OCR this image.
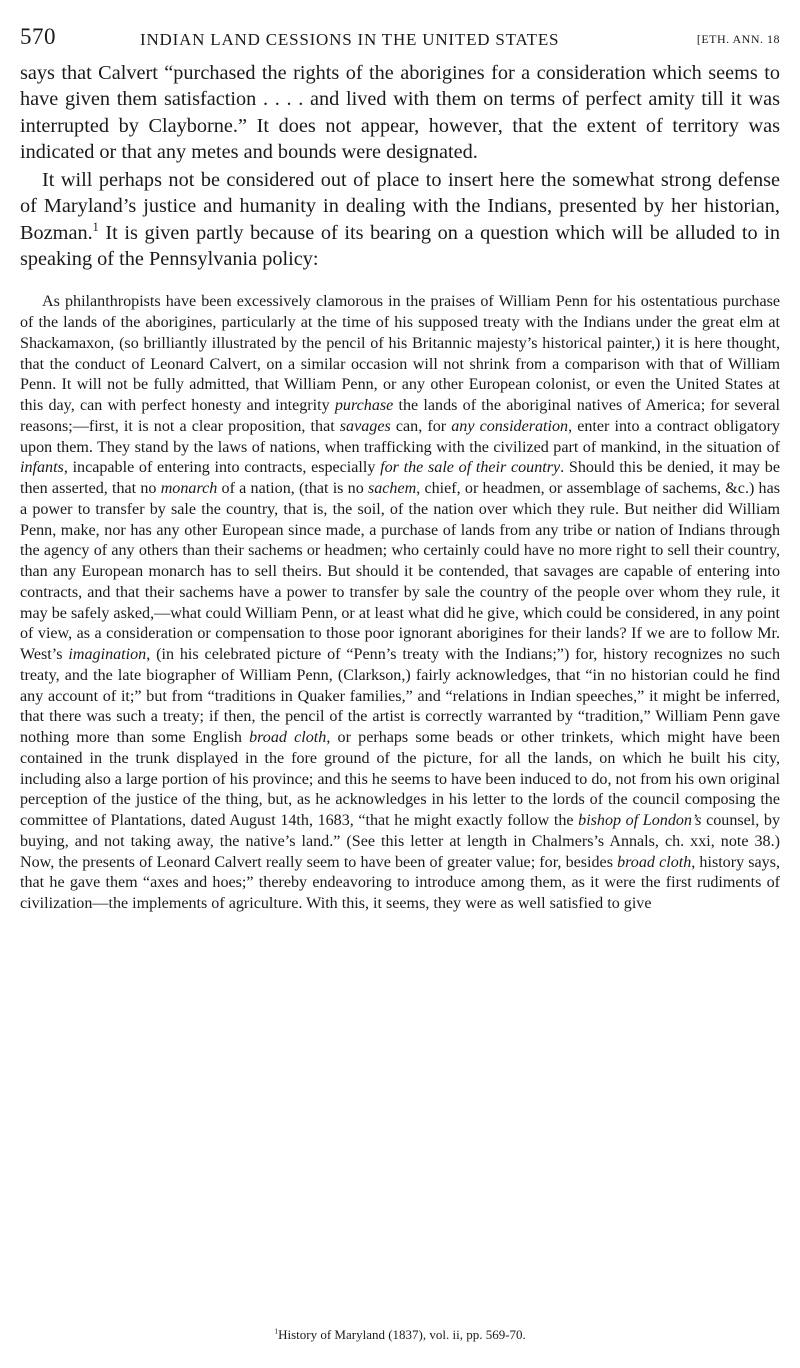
570	INDIAN LAND CESSIONS IN THE UNITED STATES	[ETH. ANN. 18

says that Calvert “purchased the rights of the aborigines for a consideration which seems to have given them satisfaction . . . . and lived with them on terms of perfect amity till it was interrupted by Clayborne.” It does not appear, however, that the extent of territory was indicated or that any metes and bounds were designated.

It will perhaps not be considered out of place to insert here the somewhat strong defense of Maryland’s justice and humanity in dealing with the Indians, presented by her historian, Bozman.$^1$ It is given partly because of its bearing on a question which will be alluded to in speaking of the Pennsylvania policy:

As philanthropists have been excessively clamorous in the praises of William Penn for his ostentatious purchase of the lands of the aborigines, particularly at the time of his supposed treaty with the Indians under the great elm at Shackamaxon, (so brilliantly illustrated by the pencil of his Britannic majesty’s historical painter,) it is here thought, that the conduct of Leonard Calvert, on a similar occasion will not shrink from a comparison with that of William Penn. It will not be fully admitted, that William Penn, or any other European colonist, or even the United States at this day, can with perfect honesty and integrity purchase the lands of the aboriginal natives of America; for several reasons;—first, it is not a clear proposition, that savages can, for any consideration, enter into a contract obligatory upon them. They stand by the laws of nations, when trafficking with the civilized part of mankind, in the situation of infants, incapable of entering into contracts, especially for the sale of their country. Should this be denied, it may be then asserted, that no monarch of a nation, (that is no sachem, chief, or headmen, or assemblage of sachems, &c.) has a power to transfer by sale the country, that is, the soil, of the nation over which they rule. But neither did William Penn, make, nor has any other European since made, a purchase of lands from any tribe or nation of Indians through the agency of any others than their sachems or headmen; who certainly could have no more right to sell their country, than any European monarch has to sell theirs. But should it be contended, that savages are capable of entering into contracts, and that their sachems have a power to transfer by sale the country of the people over whom they rule, it may be safely asked,—what could William Penn, or at least what did he give, which could be considered, in any point of view, as a consideration or compensation to those poor ignorant aborigines for their lands? If we are to follow Mr. West’s imagination, (in his celebrated picture of “Penn’s treaty with the Indians;”) for, history recognizes no such treaty, and the late biographer of William Penn, (Clarkson,) fairly acknowledges, that “in no historian could he find any account of it;” but from “traditions in Quaker families,” and “relations in Indian speeches,” it might be inferred, that there was such a treaty; if then, the pencil of the artist is correctly warranted by “tradition,” William Penn gave nothing more than some English broad cloth, or perhaps some beads or other trinkets, which might have been contained in the trunk displayed in the fore ground of the picture, for all the lands, on which he built his city, including also a large portion of his province; and this he seems to have been induced to do, not from his own original perception of the justice of the thing, but, as he acknowledges in his letter to the lords of the council composing the committee of Plantations, dated August 14th, 1683, “that he might exactly follow the bishop of London’s counsel, by buying, and not taking away, the native’s land.” (See this letter at length in Chalmers’s Annals, ch. xxi, note 38.) Now, the presents of Leonard Calvert really seem to have been of greater value; for, besides broad cloth, history says, that he gave them “axes and hoes;” thereby endeavoring to introduce among them, as it were the first rudiments of civilization—the implements of agriculture. With this, it seems, they were as well satisfied to give
$^1$History of Maryland (1837), vol. ii, pp. 569-70.
